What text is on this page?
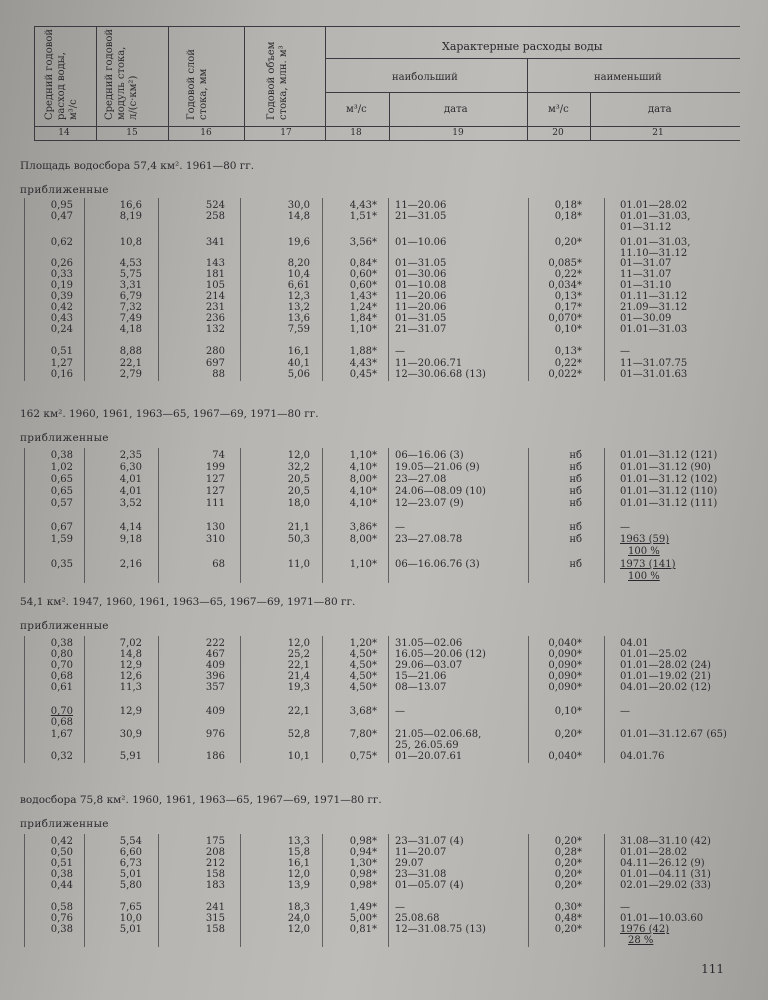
Средний годовой расход воды, м³/с	Средний годовой модуль стока, л/(с·км²)	Годовой слой стока, мм	Годовой объем стока, млн. м³	Характерные расходы воды
наибольший	наименьший
м³/с	дата	м³/с	дата
14	15	16	17	18	19	20	21
Площадь водосбора 57,4 км². 1961—80 гг.
приближенные
0,95	16,6	524	30,0	4,43* 11—20.06	0,18*	01.01—28.02
0,47	8,19	258	14,8	1,51* 21—31.05	0,18*	01.01—31.03,
01—31.12
0,62	10,8	341	19,6	3,56* 01—10.06	0,20*	01.01—31.03,
11.10—31.12
0,26	4,53	143	8,20	0,84* 01—31.05	0,085*	01—31.07
0,33	5,75	181	10,4	0,60* 01—30.06	0,22*	11—31.07
0,19	3,31	105	6,61	0,60* 01—10.08	0,034*	01—31.10
0,39	6,79	214	12,3	1,43* 11—20.06	0,13*	01.11—31.12
0,42	7,32	231	13,2	1,24* 11—20.06	0,17*	21.09—31.12
0,43	7,49	236	13,6	1,84* 01—31.05	0,070*	01—30.09
0,24	4,18	132	7,59	1,10* 21—31.07	0,10*	01.01—31.03
0,51	8,88	280	16,1	1,88* —	0,13*	—
1,27	22,1	697	40,1	4,43* 11—20.06.71	0,22*	11—31.07.75
0,16	2,79	88	5,06	0,45* 12—30.06.68 (13)	0,022*	01—31.01.63
162 км². 1960, 1961, 1963—65, 1967—69, 1971—80 гг.
приближенные
0,38	2,35	74	12,0	1,10* 06—16.06 (3)	нб	01.01—31.12 (121)
1,02	6,30	199	32,2	4,10* 19.05—21.06 (9)	нб	01.01—31.12 (90)
0,65	4,01	127	20,5	8,00* 23—27.08	нб	01.01—31.12 (102)
0,65	4,01	127	20,5	4,10* 24.06—08.09 (10)	нб	01.01—31.12 (110)
0,57	3,52	111	18,0	4,10* 12—23.07 (9)	нб	01.01—31.12 (111)
0,67	4,14	130	21,1	3,86* —	нб	—
1,59	9,18	310	50,3	8,00* 23—27.08.78	нб	1963 (59)
100 %
0,35	2,16	68	11,0	1,10* 06—16.06.76 (3)	нб	1973 (141)
100 %
54,1 км². 1947, 1960, 1961, 1963—65, 1967—69, 1971—80 гг.
приближенные
0,38	7,02	222	12,0	1,20* 31.05—02.06	0,040*	04.01
0,80	14,8	467	25,2	4,50* 16.05—20.06 (12)	0,090*	01.01—25.02
0,70	12,9	409	22,1	4,50* 29.06—03.07	0,090*	01.01—28.02 (24)
0,68	12,6	396	21,4	4,50* 15—21.06	0,090*	01.01—19.02 (21)
0,61	11,3	357	19,3	4,50* 08—13.07	0,090*	04.01—20.02 (12)
0,70	12,9	409	22,1	3,68* —	0,10*	—
0,68
1,67	30,9	976	52,8	7,80* 21.05—02.06.68,	0,20*	01.01—31.12.67 (65)
25, 26.05.69
0,32	5,91	186	10,1	0,75* 01—20.07.61	0,040*	04.01.76
водосбора 75,8 км². 1960, 1961, 1963—65, 1967—69, 1971—80 гг.
приближенные
0,42	5,54	175	13,3	0,98* 23—31.07 (4)	0,20*	31.08—31.10 (42)
0,50	6,60	208	15,8	0,94* 11—20.07	0,28*	01.01—28.02
0,51	6,73	212	16,1	1,30* 29.07	0,20*	04.11—26.12 (9)
0,38	5,01	158	12,0	0,98* 23—31.08	0,20*	01.01—04.11 (31)
0,44	5,80	183	13,9	0,98* 01—05.07 (4)	0,20*	02.01—29.02 (33)
0,58	7,65	241	18,3	1,49* —	0,30*	—
0,76	10,0	315	24,0	5,00* 25.08.68	0,48*	01.01—10.03.60
0,38	5,01	158	12,0	0,81* 12—31.08.75 (13)	0,20*	1976 (42)
28 %
111
